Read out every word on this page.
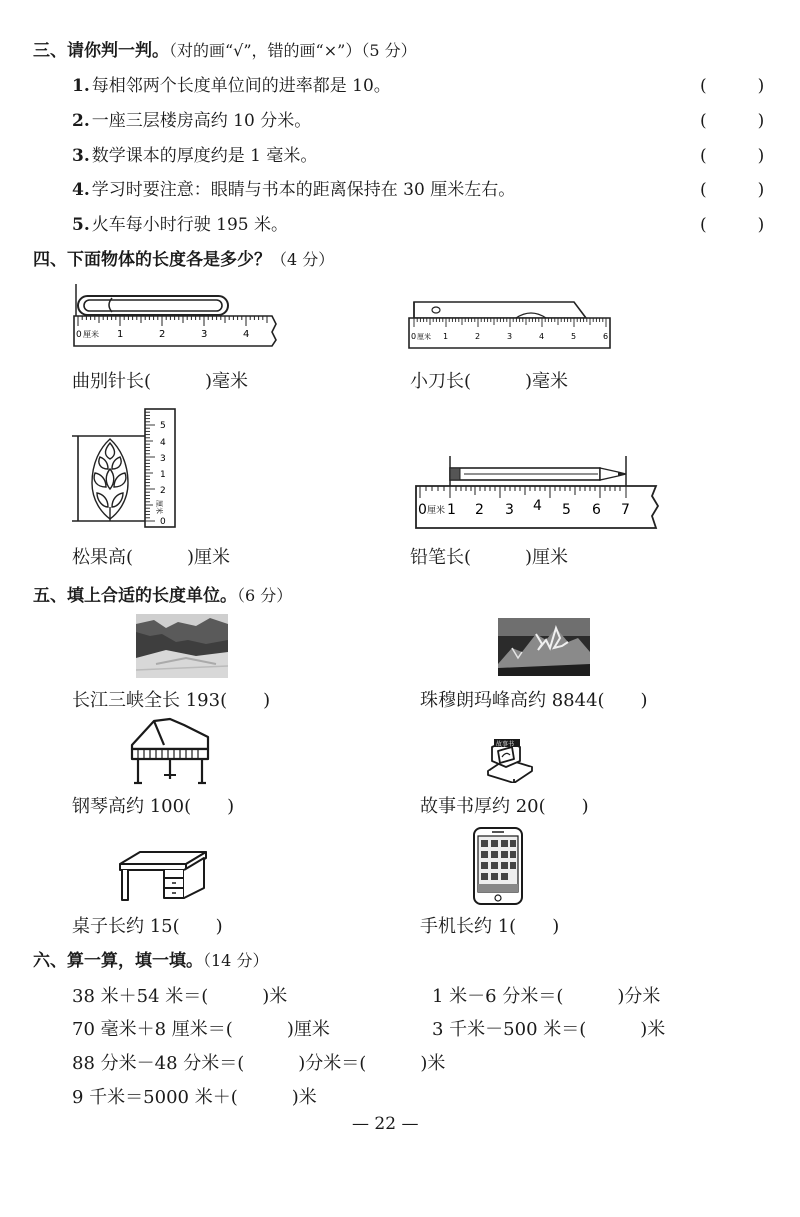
三、请你判一判。（对的画“√”，错的画“×”）（5 分）
1. 每相邻两个长度单位间的进率都是 10。	(　　　)
2. 一座三层楼房高约 10 分米。	(　　　)
3. 数学课本的厚度约是 1 毫米。	(　　　)
4. 学习时要注意：眼睛与书本的距离保持在 30 厘米左右。	(　　　)
5. 火车每小时行驶 195 米。	(　　　)
四、下面物体的长度各是多少？（4 分）
0 厘米 1	2	3	4
曲别针长(　　　)毫米
0 厘米 1	2	3	4	5	6
小刀长(　　　)毫米
0
厘米
2
1
3
4
5
松果高(　　　)厘米
0 厘米 1 2 3 4 5 6 7
铅笔长(　　　)厘米
五、填上合适的长度单位。（6 分）
长江三峡全长 193(　　)	珠穆朗玛峰高约 8844(　　)
钢琴高约 100(　　)
故事书
故事书厚约 20(　　)
桌子长约 15(　　)	手机长约 1(　　)
六、算一算，填一填。（14 分）
38 米＋54 米＝(　　　)米	1 米－6 分米＝(　　　)分米
70 毫米＋8 厘米＝(　　　)厘米	3 千米－500 米＝(　　　)米
88 分米－48 分米＝(　　　)分米＝(　　　)米
9 千米＝5000 米＋(　　　)米
— 22 —
